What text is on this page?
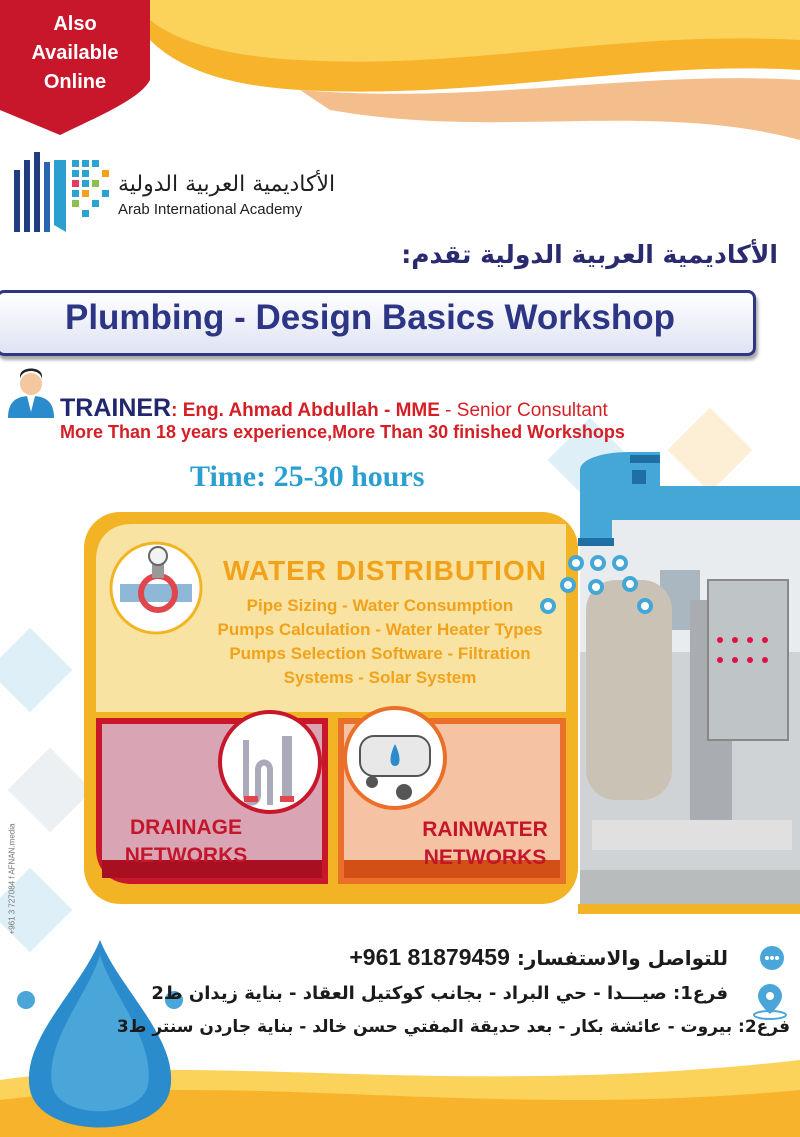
Also
Available
Online
الأكاديمية العربية الدولية
Arab International Academy
الأكاديمية العربية الدولية تقدم:
Plumbing - Design Basics Workshop
TRAINER: Eng. Ahmad Abdullah - MME - Senior Consultant
More Than 18 years experience,More Than 30 finished Workshops
Time: 25-30 hours
WATER DISTRIBUTION
Pipe Sizing - Water Consumption
Pumps Calculation - Water Heater Types
Pumps Selection Software - Filtration
Systems - Solar System
DRAINAGE
NETWORKS
RAINWATER
NETWORKS
للتواصل والاستفسار: +961 81879459
فرع1: صيـــدا - حي البراد - بجانب كوكتيل العقاد - بناية زيدان ط2
فرع2: بيروت - عائشة بكار - بعد حديقة المفتي حسن خالد - بناية جاردن سنتر ط3
+961 3 727084 f AFNAN.media
